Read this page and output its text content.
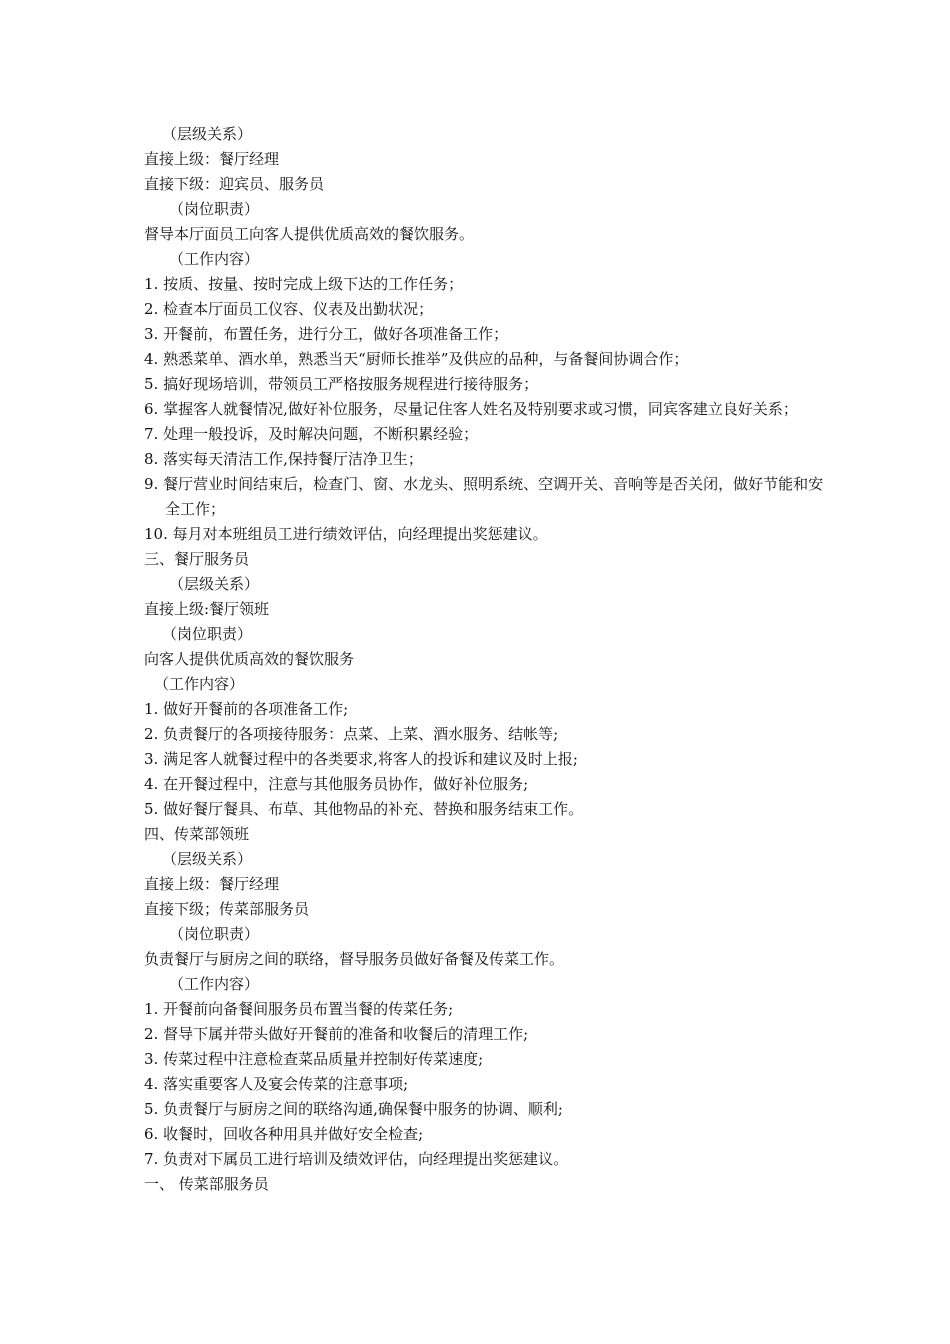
（层级关系）
直接上级：餐厅经理
直接下级：迎宾员、服务员
（岗位职责）
督导本厅面员工向客人提供优质高效的餐饮服务。
（工作内容）
1. 按质、按量、按时完成上级下达的工作任务；
2. 检查本厅面员工仪容、仪表及出勤状况；
3. 开餐前，布置任务，进行分工，做好各项准备工作；
4. 熟悉菜单、酒水单，熟悉当天“厨师长推举”及供应的品种，与备餐间协调合作；
5. 搞好现场培训，带领员工严格按服务规程进行接待服务；
6. 掌握客人就餐情况,做好补位服务，尽量记住客人姓名及特别要求或习惯，同宾客建立良好关系；
7. 处理一般投诉，及时解决问题，不断积累经验；
8. 落实每天清洁工作,保持餐厅洁净卫生；
9. 餐厅营业时间结束后，检查门、窗、水龙头、照明系统、空调开关、音响等是否关闭，做好节能和安全工作；
10. 每月对本班组员工进行绩效评估，向经理提出奖惩建议。
三、餐厅服务员
（层级关系）
直接上级:餐厅领班
（岗位职责）
向客人提供优质高效的餐饮服务
（工作内容）
1. 做好开餐前的各项准备工作;
2. 负责餐厅的各项接待服务：点菜、上菜、酒水服务、结帐等;
3. 满足客人就餐过程中的各类要求,将客人的投诉和建议及时上报;
4. 在开餐过程中，注意与其他服务员协作，做好补位服务;
5. 做好餐厅餐具、布草、其他物品的补充、替换和服务结束工作。
四、传菜部领班
（层级关系）
直接上级：餐厅经理
直接下级；传菜部服务员
（岗位职责）
负责餐厅与厨房之间的联络，督导服务员做好备餐及传菜工作。
（工作内容）
1. 开餐前向备餐间服务员布置当餐的传菜任务;
2. 督导下属并带头做好开餐前的准备和收餐后的清理工作;
3. 传菜过程中注意检查菜品质量并控制好传菜速度;
4. 落实重要客人及宴会传菜的注意事项;
5. 负责餐厅与厨房之间的联络沟通,确保餐中服务的协调、顺利;
6. 收餐时，回收各种用具并做好安全检查;
7. 负责对下属员工进行培训及绩效评估，向经理提出奖惩建议。
一、 传菜部服务员
